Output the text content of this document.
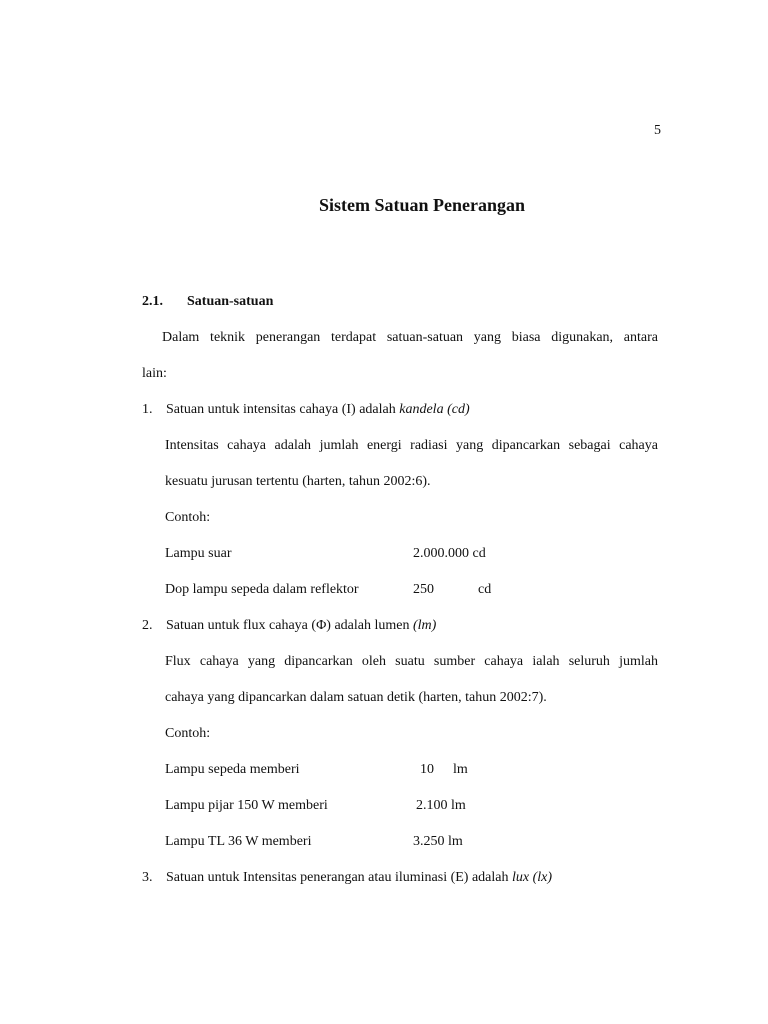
5
Sistem Satuan Penerangan
2.1. Satuan-satuan
Dalam teknik penerangan terdapat satuan-satuan yang biasa digunakan, antara
lain:
1. Satuan untuk intensitas cahaya (I) adalah kandela (cd)
Intensitas cahaya adalah jumlah energi radiasi yang dipancarkan sebagai cahaya
kesuatu jurusan tertentu (harten, tahun 2002:6).
Contoh:
Lampu suar	2.000.000 cd
Dop lampu sepeda dalam reflektor	250	cd
2. Satuan untuk flux cahaya (Φ) adalah lumen (lm)
Flux cahaya yang dipancarkan oleh suatu sumber cahaya ialah seluruh jumlah
cahaya yang dipancarkan dalam satuan detik (harten, tahun 2002:7).
Contoh:
Lampu sepeda memberi	10 lm
Lampu pijar 150 W memberi	2.100 lm
Lampu TL 36 W memberi	3.250 lm
3. Satuan untuk Intensitas penerangan atau iluminasi (E) adalah lux (lx)
